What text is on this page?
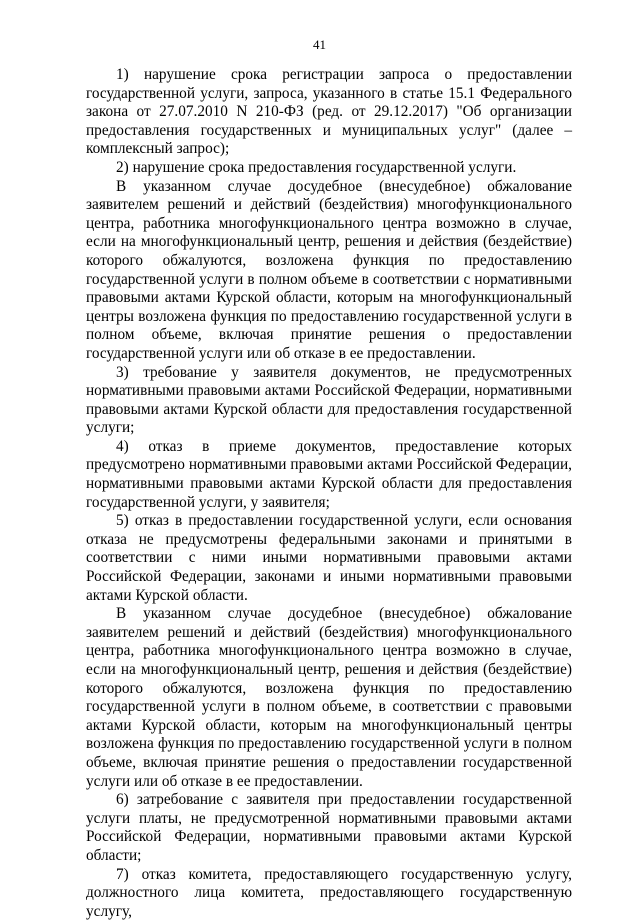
41

1) нарушение срока регистрации запроса о предоставлении государственной услуги, запроса, указанного в статье 15.1 Федерального закона от 27.07.2010 N 210-ФЗ (ред. от 29.12.2017) "Об организации предоставления государственных и муниципальных услуг" (далее – комплексный запрос);

2) нарушение срока предоставления государственной услуги.

В указанном случае досудебное (внесудебное) обжалование заявителем решений и действий (бездействия) многофункционального центра, работника многофункционального центра возможно в случае, если на многофункциональный центр, решения и действия (бездействие) которого обжалуются, возложена функция по предоставлению государственной услуги в полном объеме в соответствии с нормативными правовыми актами Курской области, которым на многофункциональный центры возложена функция по предоставлению государственной услуги в полном объеме, включая принятие решения о предоставлении государственной услуги или об отказе в ее предоставлении.

3) требование у заявителя документов, не предусмотренных нормативными правовыми актами Российской Федерации, нормативными правовыми актами Курской области для предоставления государственной услуги;

4) отказ в приеме документов, предоставление которых предусмотрено нормативными правовыми актами Российской Федерации, нормативными правовыми актами Курской области для предоставления государственной услуги, у заявителя;

5) отказ в предоставлении государственной услуги, если основания отказа не предусмотрены федеральными законами и принятыми в соответствии с ними иными нормативными правовыми актами Российской Федерации, законами и иными нормативными правовыми актами Курской области.

В указанном случае досудебное (внесудебное) обжалование заявителем решений и действий (бездействия) многофункционального центра, работника многофункционального центра возможно в случае, если на многофункциональный центр, решения и действия (бездействие) которого обжалуются, возложена функция по предоставлению государственной услуги в полном объеме, в соответствии с правовыми актами Курской области, которым на многофункциональный центры возложена функция по предоставлению государственной услуги в полном объеме, включая принятие решения о предоставлении государственной услуги или об отказе в ее предоставлении.

6) затребование с заявителя при предоставлении государственной услуги платы, не предусмотренной нормативными правовыми актами Российской Федерации, нормативными правовыми актами Курской области;

7) отказ комитета, предоставляющего государственную услугу, должностного лица комитета, предоставляющего государственную услугу,
